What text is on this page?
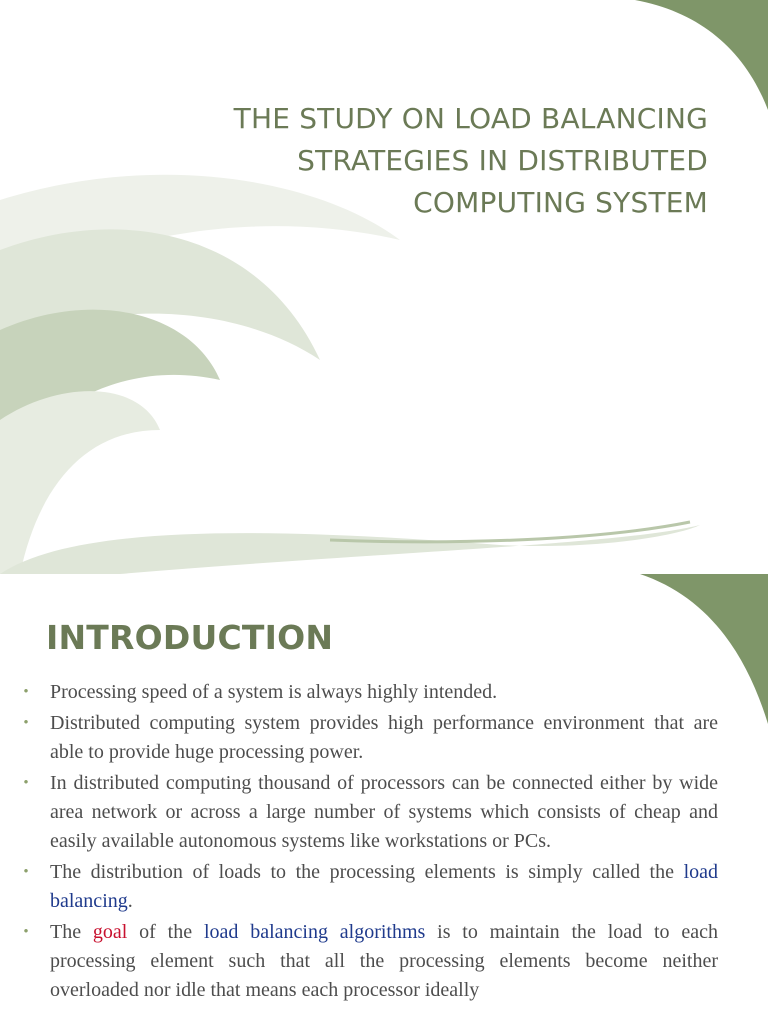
THE STUDY ON LOAD BALANCING
STRATEGIES IN DISTRIBUTED
COMPUTING SYSTEM
INTRODUCTION
• Processing speed of a system is always highly intended.
• Distributed computing system provides high performance environment that are able to provide huge processing power.
• In distributed computing thousand of processors can be connected either by wide area network or across a large number of systems which consists of cheap and easily available autonomous systems like workstations or PCs.
• The distribution of loads to the processing elements is simply called the load balancing.
• The goal of the load balancing algorithms is to maintain the load to each processing element such that all the processing elements become neither overloaded nor idle that means each processor ideally
